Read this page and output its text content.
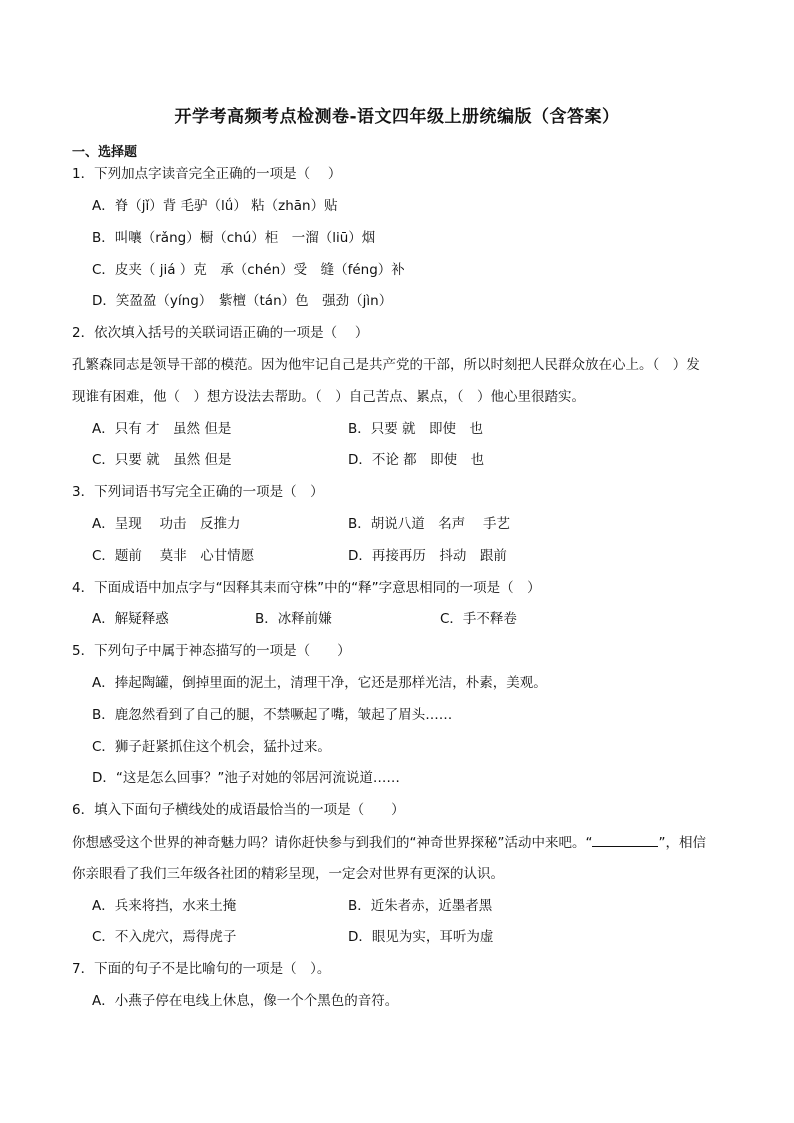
开学考高频考点检测卷-语文四年级上册统编版（含答案）
一、选择题
1．下列加点字读音完全正确的一项是（　 ）
A．脊（jǐ）背 毛驴（lǘ） 粘（zhān）贴
B．叫嚷（rǎng）橱（chú）柜　一溜（liū）烟
C．皮夹（ jiá ）克　承（chén）受　缝（féng）补
D．笑盈盈（yíng）　紫檀（tán）色　强劲（jìn）
2．依次填入括号的关联词语正确的一项是（　 ）
孔繁森同志是领导干部的模范。因为他牢记自己是共产党的干部，所以时刻把人民群众放在心上。（　）发
现谁有困难，他（　）想方设法去帮助。（　）自己苦点、累点，（　）他心里很踏实。
A．只有 才　虽然 但是	B．只要 就　即使　也
C．只要 就　虽然 但是	D．不论 都　即使　也
3．下列词语书写完全正确的一项是（　）
A．呈现　 功击　反推力	B．胡说八道　名声　 手艺
C．题前　 莫非　心甘情愿	D．再接再历　抖动　跟前
4．下面成语中加点字与“因释其耒而守株”中的“释”字意思相同的一项是（　）
A．解疑释惑	B．冰释前嫌	C．手不释卷
5．下列句子中属于神态描写的一项是（　　）
A．捧起陶罐，倒掉里面的泥土，清理干净，它还是那样光洁，朴素，美观。
B．鹿忽然看到了自己的腿，不禁噘起了嘴，皱起了眉头……
C．狮子赶紧抓住这个机会，猛扑过来。
D．“这是怎么回事？”池子对她的邻居河流说道……
6．填入下面句子横线处的成语最恰当的一项是（　　）
你想感受这个世界的神奇魅力吗？请你赶快参与到我们的“神奇世界探秘”活动中来吧。“	”，相信
你亲眼看了我们三年级各社团的精彩呈现，一定会对世界有更深的认识。
A．兵来将挡，水来土掩	B．近朱者赤，近墨者黑
C．不入虎穴，焉得虎子	D．眼见为实，耳听为虚
7．下面的句子不是比喻句的一项是（　）。
A．小燕子停在电线上休息，像一个个黑色的音符。
